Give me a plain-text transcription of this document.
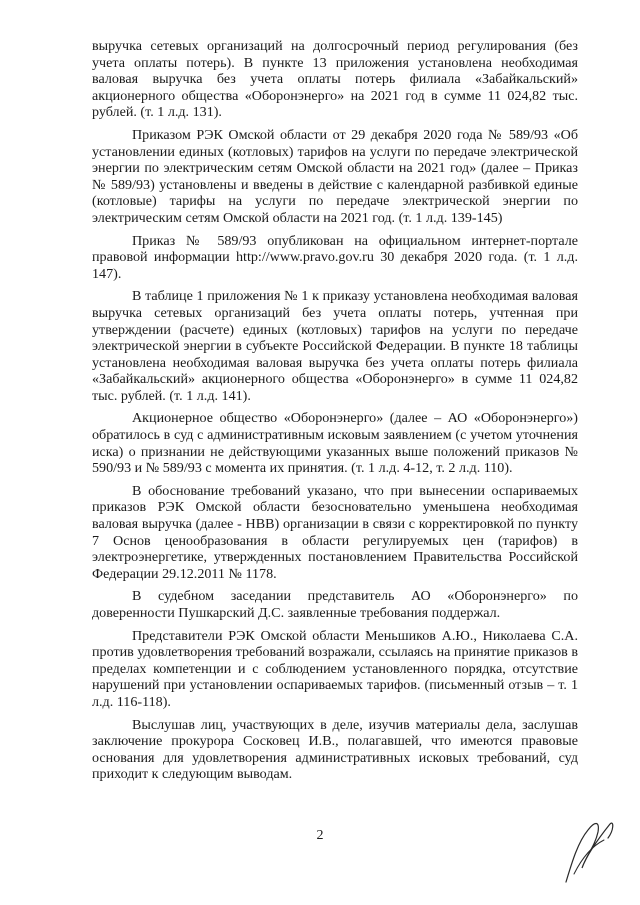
выручка сетевых организаций на долгосрочный период регулирования (без учета оплаты потерь). В пункте 13 приложения установлена необходимая валовая выручка без учета оплаты потерь филиала «Забайкальский» акционерного общества «Оборонэнерго» на 2021 год в сумме 11 024,82 тыс. рублей. (т. 1 л.д. 131).

Приказом РЭК Омской области от 29 декабря 2020 года № 589/93 «Об установлении единых (котловых) тарифов на услуги по передаче электрической энергии по электрическим сетям Омской области на 2021 год» (далее – Приказ № 589/93) установлены и введены в действие с календарной разбивкой единые (котловые) тарифы на услуги по передаче электрической энергии по электрическим сетям Омской области на 2021 год. (т. 1 л.д. 139-145)

Приказ № 589/93 опубликован на официальном интернет-портале правовой информации http://www.pravo.gov.ru 30 декабря 2020 года. (т. 1 л.д. 147).

В таблице 1 приложения № 1 к приказу установлена необходимая валовая выручка сетевых организаций без учета оплаты потерь, учтенная при утверждении (расчете) единых (котловых) тарифов на услуги по передаче электрической энергии в субъекте Российской Федерации. В пункте 18 таблицы установлена необходимая валовая выручка без учета оплаты потерь филиала «Забайкальский» акционерного общества «Оборонэнерго» в сумме 11 024,82 тыс. рублей. (т. 1 л.д. 141).

Акционерное общество «Оборонэнерго» (далее – АО «Оборонэнерго») обратилось в суд с административным исковым заявлением (с учетом уточнения иска) о признании не действующими указанных выше положений приказов № 590/93 и № 589/93 с момента их принятия. (т. 1 л.д. 4-12, т. 2 л.д. 110).

В обоснование требований указано, что при вынесении оспариваемых приказов РЭК Омской области безосновательно уменьшена необходимая валовая выручка (далее - НВВ) организации в связи с корректировкой по пункту 7 Основ ценообразования в области регулируемых цен (тарифов) в электроэнергетике, утвержденных постановлением Правительства Российской Федерации 29.12.2011 № 1178.

В судебном заседании представитель АО «Оборонэнерго» по доверенности Пушкарский Д.С. заявленные требования поддержал.

Представители РЭК Омской области Меньшиков А.Ю., Николаева С.А. против удовлетворения требований возражали, ссылаясь на принятие приказов в пределах компетенции и с соблюдением установленного порядка, отсутствие нарушений при установлении оспариваемых тарифов. (письменный отзыв – т. 1 л.д. 116-118).

Выслушав лиц, участвующих в деле, изучив материалы дела, заслушав заключение прокурора Сосковец И.В., полагавшей, что имеются правовые основания для удовлетворения административных исковых требований, суд приходит к следующим выводам.

2
